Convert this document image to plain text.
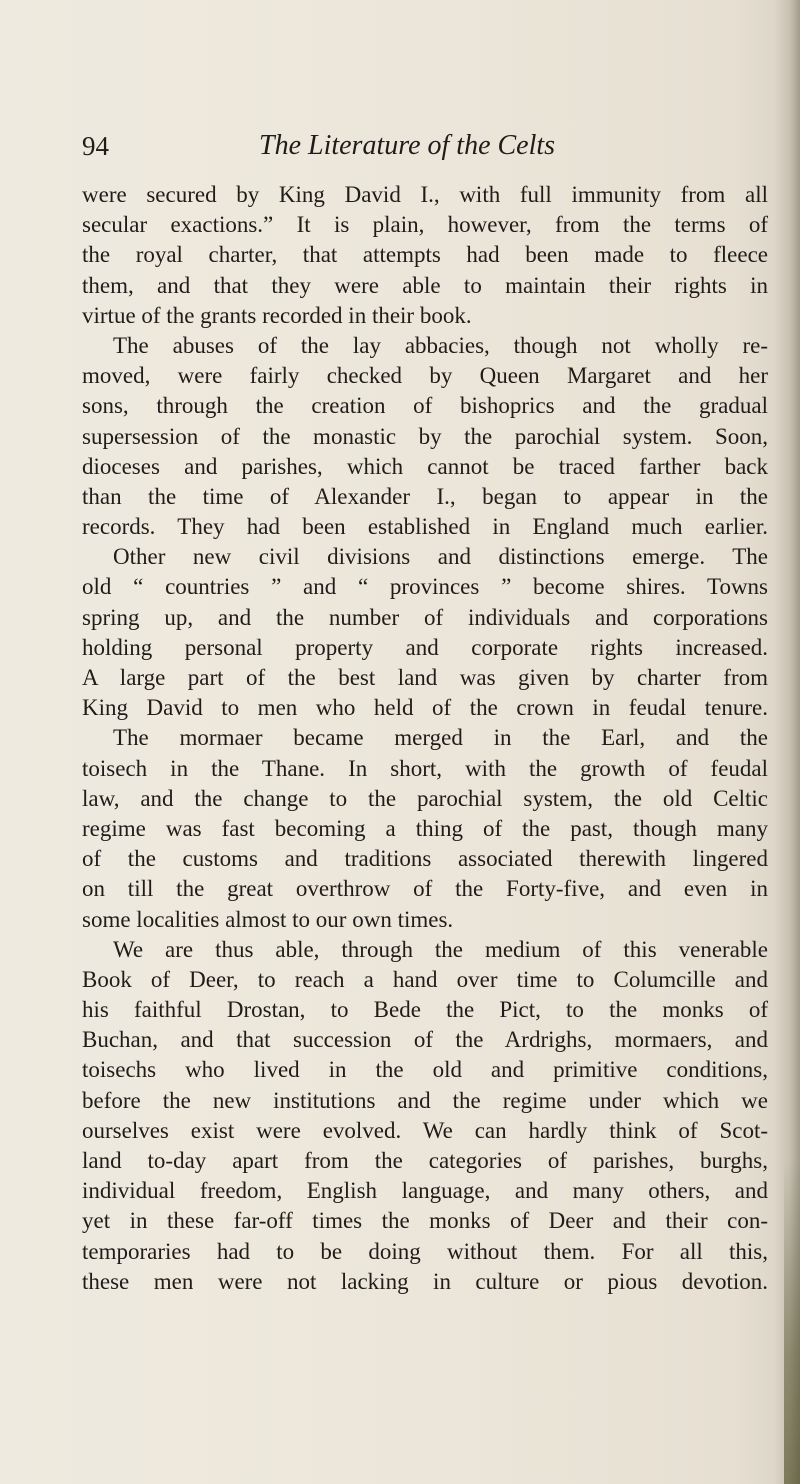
94	The Literature of the Celts
were secured by King David I., with full immunity from all
secular exactions.” It is plain, however, from the terms of
the royal charter, that attempts had been made to fleece
them, and that they were able to maintain their rights in
virtue of the grants recorded in their book.
The abuses of the lay abbacies, though not wholly re-
moved, were fairly checked by Queen Margaret and her
sons, through the creation of bishoprics and the gradual
supersession of the monastic by the parochial system. Soon,
dioceses and parishes, which cannot be traced farther back
than the time of Alexander I., began to appear in the
records. They had been established in England much earlier.
Other new civil divisions and distinctions emerge. The
old “ countries ” and “ provinces ” become shires. Towns
spring up, and the number of individuals and corporations
holding personal property and corporate rights increased.
A large part of the best land was given by charter from
King David to men who held of the crown in feudal tenure.
The mormaer became merged in the Earl, and the
toisech in the Thane. In short, with the growth of feudal
law, and the change to the parochial system, the old Celtic
regime was fast becoming a thing of the past, though many
of the customs and traditions associated therewith lingered
on till the great overthrow of the Forty-five, and even in
some localities almost to our own times.
We are thus able, through the medium of this venerable
Book of Deer, to reach a hand over time to Columcille and
his faithful Drostan, to Bede the Pict, to the monks of
Buchan, and that succession of the Ardrighs, mormaers, and
toisechs who lived in the old and primitive conditions,
before the new institutions and the regime under which we
ourselves exist were evolved. We can hardly think of Scot-
land to-day apart from the categories of parishes, burghs,
individual freedom, English language, and many others, and
yet in these far-off times the monks of Deer and their con-
temporaries had to be doing without them. For all this,
these men were not lacking in culture or pious devotion.
